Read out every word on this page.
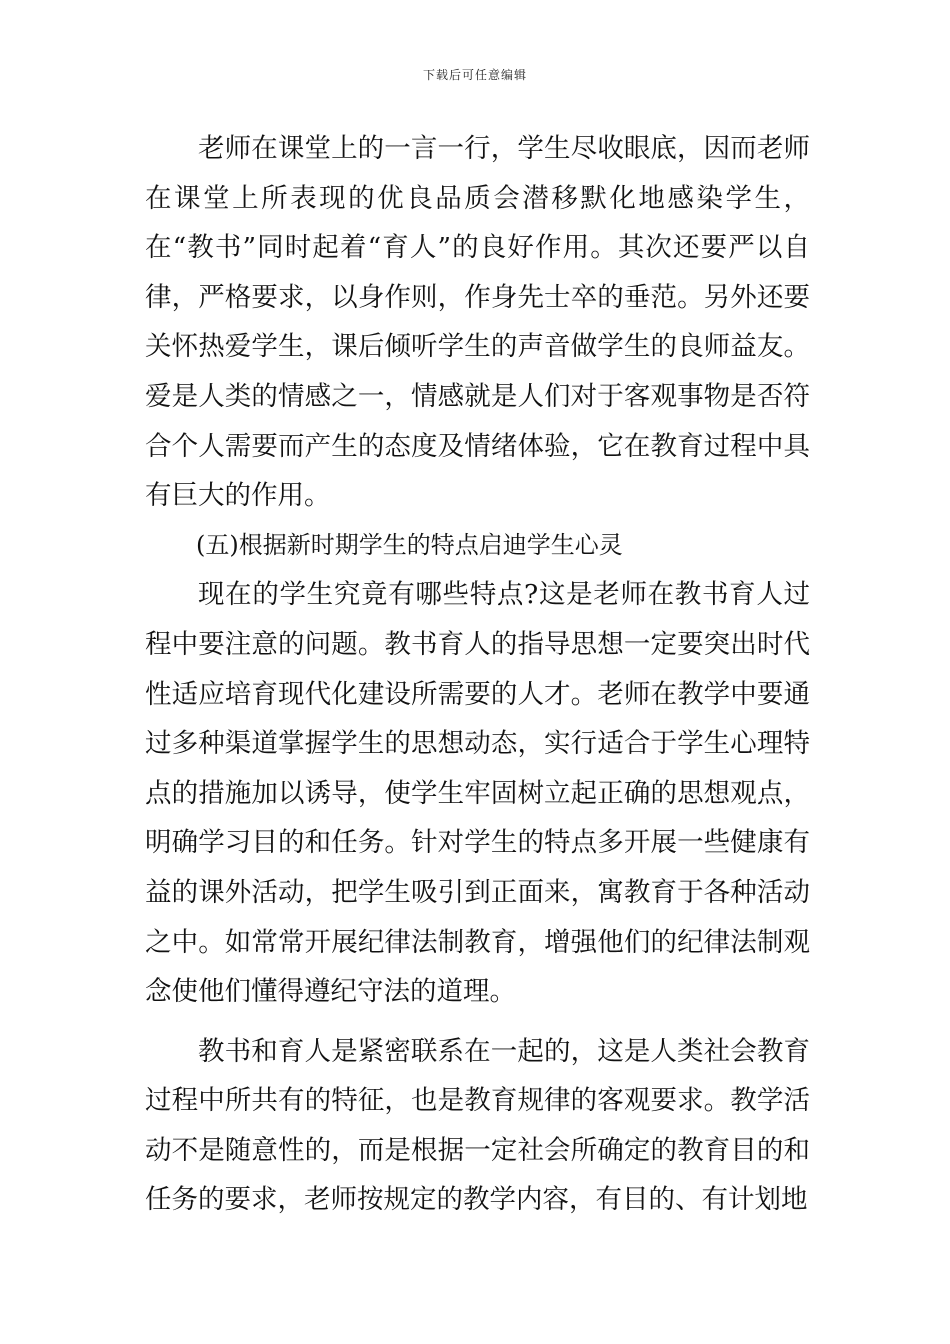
下载后可任意编辑

老师在课堂上的一言一行，学生尽收眼底，因而老师在课堂上所表现的优良品质会潜移默化地感染学生，在“教书”同时起着“育人”的良好作用。其次还要严以自律，严格要求，以身作则，作身先士卒的垂范。另外还要关怀热爱学生，课后倾听学生的声音做学生的良师益友。爱是人类的情感之一，情感就是人们对于客观事物是否符合个人需要而产生的态度及情绪体验，它在教育过程中具有巨大的作用。

(五)根据新时期学生的特点启迪学生心灵

现在的学生究竟有哪些特点?这是老师在教书育人过程中要注意的问题。教书育人的指导思想一定要突出时代性适应培育现代化建设所需要的人才。老师在教学中要通过多种渠道掌握学生的思想动态，实行适合于学生心理特点的措施加以诱导，使学生牢固树立起正确的思想观点，明确学习目的和任务。针对学生的特点多开展一些健康有益的课外活动，把学生吸引到正面来，寓教育于各种活动之中。如常常开展纪律法制教育，增强他们的纪律法制观念使他们懂得遵纪守法的道理。

教书和育人是紧密联系在一起的，这是人类社会教育过程中所共有的特征，也是教育规律的客观要求。教学活动不是随意性的，而是根据一定社会所确定的教育目的和任务的要求，老师按规定的教学内容，有目的、有计划地
